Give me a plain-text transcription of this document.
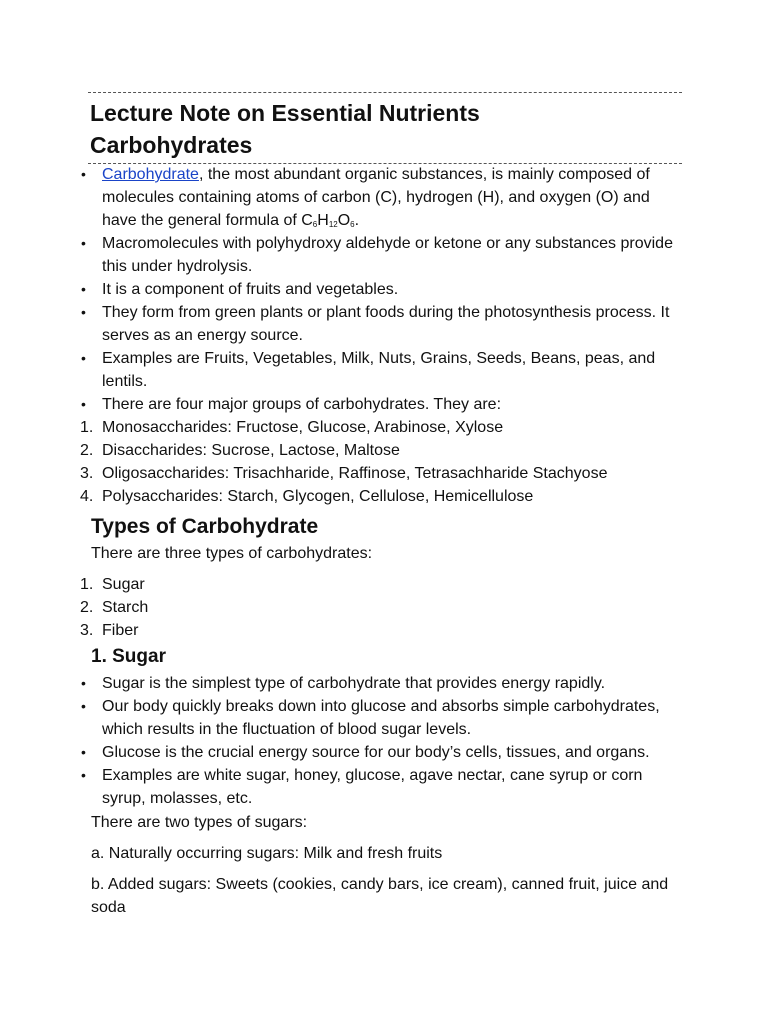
Lecture Note on Essential Nutrients

Carbohydrates

• Carbohydrate, the most abundant organic substances, is mainly composed of molecules containing atoms of carbon (C), hydrogen (H), and oxygen (O) and have the general formula of $C_6H_{12}O_6$.
• Macromolecules with polyhydroxy aldehyde or ketone or any substances provide this under hydrolysis.
• It is a component of fruits and vegetables.
• They form from green plants or plant foods during the photosynthesis process. It serves as an energy source.
• Examples are Fruits, Vegetables, Milk, Nuts, Grains, Seeds, Beans, peas, and lentils.
• There are four major groups of carbohydrates. They are:
1. Monosaccharides: Fructose, Glucose, Arabinose, Xylose
2. Disaccharides: Sucrose, Lactose, Maltose
3. Oligosaccharides: Trisachharide, Raffinose, Tetrasachharide Stachyose
4. Polysaccharides: Starch, Glycogen, Cellulose, Hemicellulose
Types of Carbohydrate

There are three types of carbohydrates:

1. Sugar
2. Starch
3. Fiber
1. Sugar
• Sugar is the simplest type of carbohydrate that provides energy rapidly.
• Our body quickly breaks down into glucose and absorbs simple carbohydrates, which results in the fluctuation of blood sugar levels.
• Glucose is the crucial energy source for our body’s cells, tissues, and organs.
• Examples are white sugar, honey, glucose, agave nectar, cane syrup or corn syrup, molasses, etc.

There are two types of sugars:

a. Naturally occurring sugars: Milk and fresh fruits

b. Added sugars: Sweets (cookies, candy bars, ice cream), canned fruit, juice and soda
